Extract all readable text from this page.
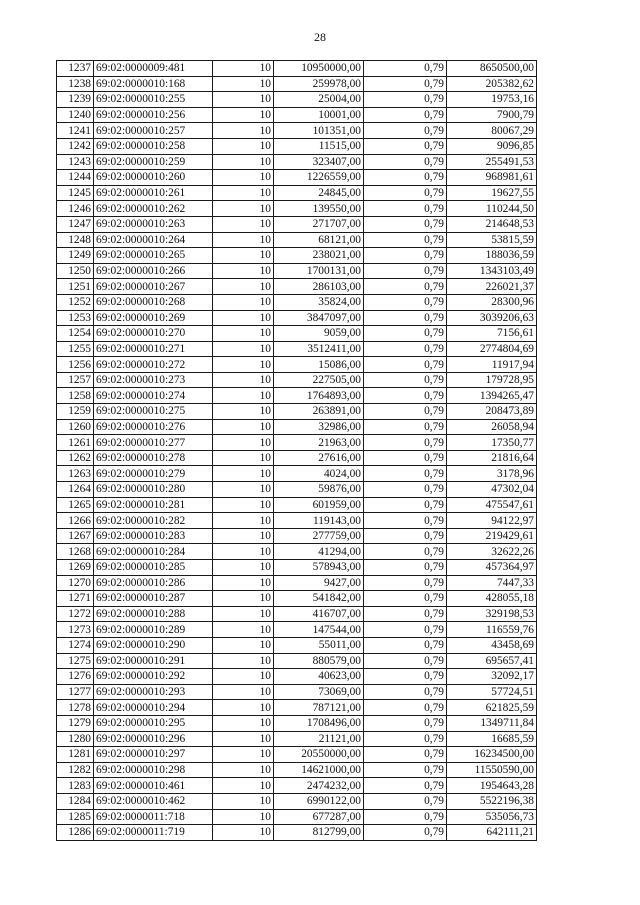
28
1237	69:02:0000009:481	10	10950000,00	0,79	8650500,00
1238	69:02:0000010:168	10	259978,00	0,79	205382,62
1239	69:02:0000010:255	10	25004,00	0,79	19753,16
1240	69:02:0000010:256	10	10001,00	0,79	7900,79
1241	69:02:0000010:257	10	101351,00	0,79	80067,29
1242	69:02:0000010:258	10	11515,00	0,79	9096,85
1243	69:02:0000010:259	10	323407,00	0,79	255491,53
1244	69:02:0000010:260	10	1226559,00	0,79	968981,61
1245	69:02:0000010:261	10	24845,00	0,79	19627,55
1246	69:02:0000010:262	10	139550,00	0,79	110244,50
1247	69:02:0000010:263	10	271707,00	0,79	214648,53
1248	69:02:0000010:264	10	68121,00	0,79	53815,59
1249	69:02:0000010:265	10	238021,00	0,79	188036,59
1250	69:02:0000010:266	10	1700131,00	0,79	1343103,49
1251	69:02:0000010:267	10	286103,00	0,79	226021,37
1252	69:02:0000010:268	10	35824,00	0,79	28300,96
1253	69:02:0000010:269	10	3847097,00	0,79	3039206,63
1254	69:02:0000010:270	10	9059,00	0,79	7156,61
1255	69:02:0000010:271	10	3512411,00	0,79	2774804,69
1256	69:02:0000010:272	10	15086,00	0,79	11917,94
1257	69:02:0000010:273	10	227505,00	0,79	179728,95
1258	69:02:0000010:274	10	1764893,00	0,79	1394265,47
1259	69:02:0000010:275	10	263891,00	0,79	208473,89
1260	69:02:0000010:276	10	32986,00	0,79	26058,94
1261	69:02:0000010:277	10	21963,00	0,79	17350,77
1262	69:02:0000010:278	10	27616,00	0,79	21816,64
1263	69:02:0000010:279	10	4024,00	0,79	3178,96
1264	69:02:0000010:280	10	59876,00	0,79	47302,04
1265	69:02:0000010:281	10	601959,00	0,79	475547,61
1266	69:02:0000010:282	10	119143,00	0,79	94122,97
1267	69:02:0000010:283	10	277759,00	0,79	219429,61
1268	69:02:0000010:284	10	41294,00	0,79	32622,26
1269	69:02:0000010:285	10	578943,00	0,79	457364,97
1270	69:02:0000010:286	10	9427,00	0,79	7447,33
1271	69:02:0000010:287	10	541842,00	0,79	428055,18
1272	69:02:0000010:288	10	416707,00	0,79	329198,53
1273	69:02:0000010:289	10	147544,00	0,79	116559,76
1274	69:02:0000010:290	10	55011,00	0,79	43458,69
1275	69:02:0000010:291	10	880579,00	0,79	695657,41
1276	69:02:0000010:292	10	40623,00	0,79	32092,17
1277	69:02:0000010:293	10	73069,00	0,79	57724,51
1278	69:02:0000010:294	10	787121,00	0,79	621825,59
1279	69:02:0000010:295	10	1708496,00	0,79	1349711,84
1280	69:02:0000010:296	10	21121,00	0,79	16685,59
1281	69:02:0000010:297	10	20550000,00	0,79	16234500,00
1282	69:02:0000010:298	10	14621000,00	0,79	11550590,00
1283	69:02:0000010:461	10	2474232,00	0,79	1954643,28
1284	69:02:0000010:462	10	6990122,00	0,79	5522196,38
1285	69:02:0000011:718	10	677287,00	0,79	535056,73
1286	69:02:0000011:719	10	812799,00	0,79	642111,21
